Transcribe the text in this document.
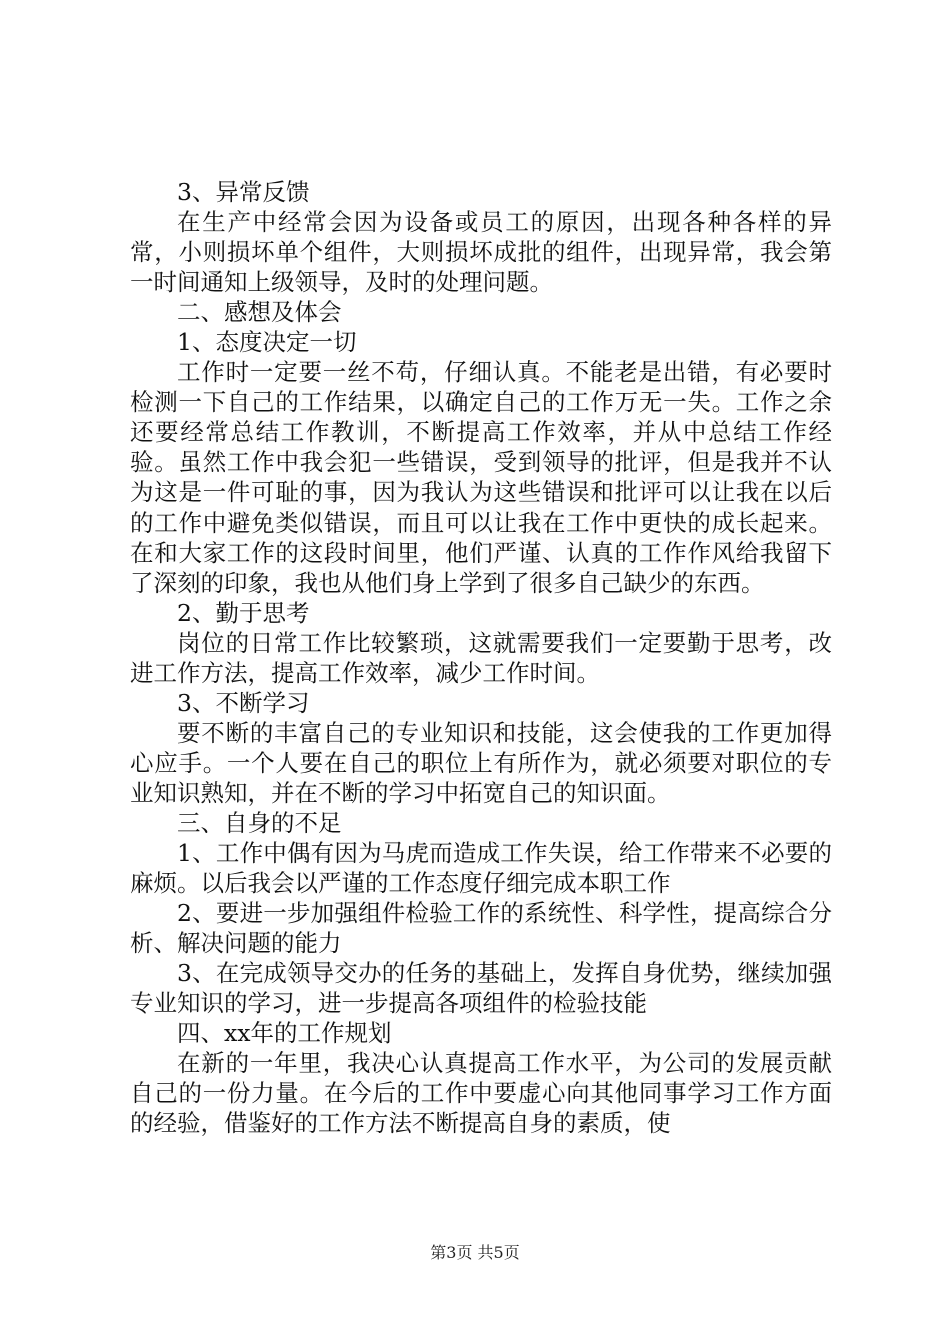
3、异常反馈

在生产中经常会因为设备或员工的原因，出现各种各样的异常，小则损坏单个组件，大则损坏成批的组件，出现异常，我会第一时间通知上级领导，及时的处理问题。

二、感想及体会

1、态度决定一切

工作时一定要一丝不苟，仔细认真。不能老是出错，有必要时检测一下自己的工作结果，以确定自己的工作万无一失。工作之余还要经常总结工作教训，不断提高工作效率，并从中总结工作经验。虽然工作中我会犯一些错误，受到领导的批评，但是我并不认为这是一件可耻的事，因为我认为这些错误和批评可以让我在以后的工作中避免类似错误，而且可以让我在工作中更快的成长起来。在和大家工作的这段时间里，他们严谨、认真的工作作风给我留下了深刻的印象，我也从他们身上学到了很多自己缺少的东西。

2、勤于思考

岗位的日常工作比较繁琐，这就需要我们一定要勤于思考，改进工作方法，提高工作效率，减少工作时间。

3、不断学习

要不断的丰富自己的专业知识和技能，这会使我的工作更加得心应手。一个人要在自己的职位上有所作为，就必须要对职位的专业知识熟知，并在不断的学习中拓宽自己的知识面。

三、自身的不足

1、工作中偶有因为马虎而造成工作失误，给工作带来不必要的麻烦。以后我会以严谨的工作态度仔细完成本职工作

2、要进一步加强组件检验工作的系统性、科学性，提高综合分析、解决问题的能力

3、在完成领导交办的任务的基础上，发挥自身优势，继续加强专业知识的学习，进一步提高各项组件的检验技能

四、xx年的工作规划

在新的一年里，我决心认真提高工作水平，为公司的发展贡献自己的一份力量。在今后的工作中要虚心向其他同事学习工作方面的经验，借鉴好的工作方法不断提高自身的素质，使

第3页 共5页
